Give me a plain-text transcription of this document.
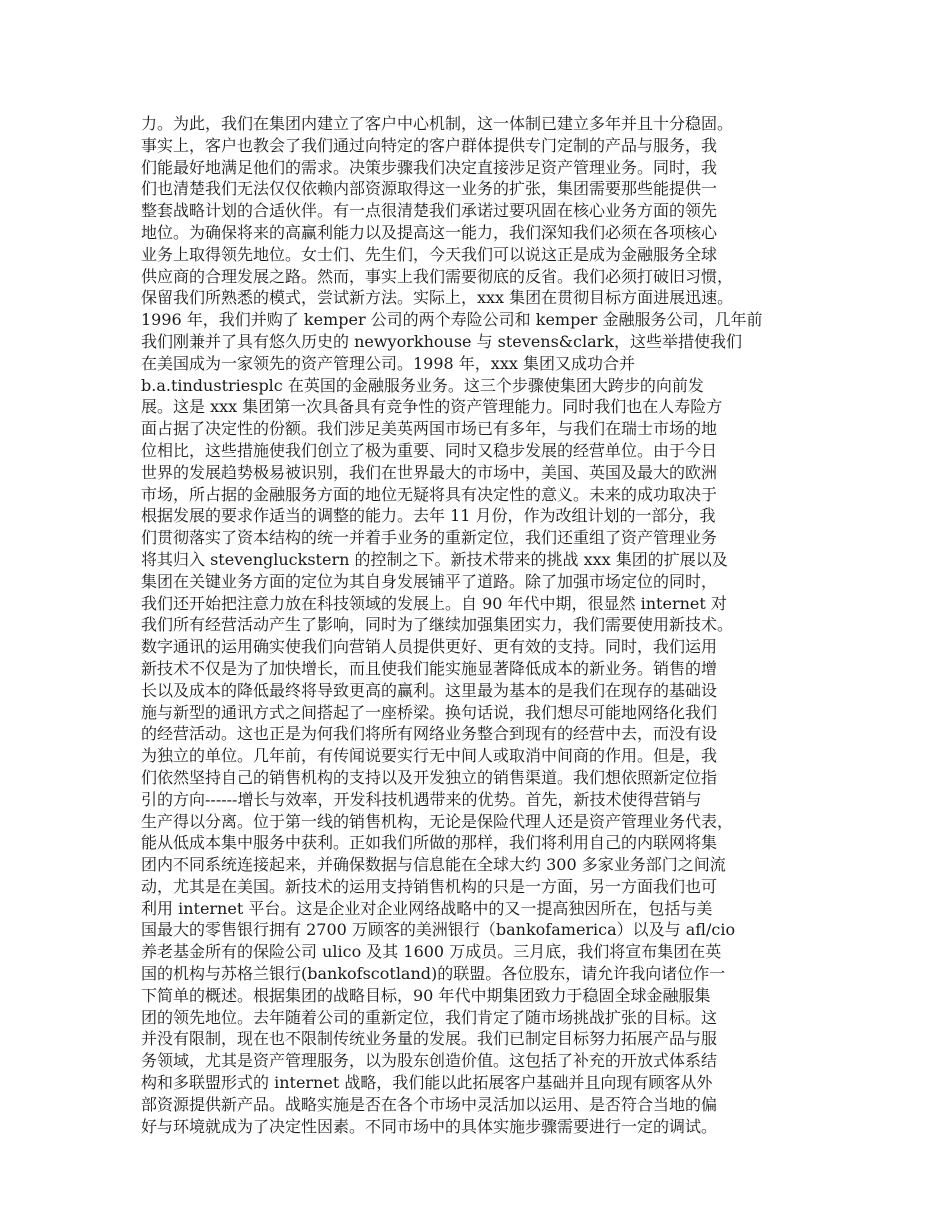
力。为此，我们在集团内建立了客户中心机制，这一体制已建立多年并且十分稳固。
事实上，客户也教会了我们通过向特定的客户群体提供专门定制的产品与服务，我
们能最好地满足他们的需求。决策步骤我们决定直接涉足资产管理业务。同时，我
们也清楚我们无法仅仅依赖内部资源取得这一业务的扩张，集团需要那些能提供一
整套战略计划的合适伙伴。有一点很清楚我们承诺过要巩固在核心业务方面的领先
地位。为确保将来的高赢利能力以及提高这一能力，我们深知我们必须在各项核心
业务上取得领先地位。女士们、先生们，今天我们可以说这正是成为金融服务全球
供应商的合理发展之路。然而，事实上我们需要彻底的反省。我们必须打破旧习惯，
保留我们所熟悉的模式，尝试新方法。实际上，xxx 集团在贯彻目标方面进展迅速。
1996 年，我们并购了 kemper 公司的两个寿险公司和 kemper 金融服务公司，几年前
我们刚兼并了具有悠久历史的 newyorkhouse 与 stevens&clark，这些举措使我们
在美国成为一家领先的资产管理公司。1998 年，xxx 集团又成功合并
b.a.tindustriesplc 在英国的金融服务业务。这三个步骤使集团大跨步的向前发
展。这是 xxx 集团第一次具备具有竞争性的资产管理能力。同时我们也在人寿险方
面占据了决定性的份额。我们涉足美英两国市场已有多年，与我们在瑞士市场的地
位相比，这些措施使我们创立了极为重要、同时又稳步发展的经营单位。由于今日
世界的发展趋势极易被识别，我们在世界最大的市场中，美国、英国及最大的欧洲
市场，所占据的金融服务方面的地位无疑将具有决定性的意义。未来的成功取决于
根据发展的要求作适当的调整的能力。去年 11 月份，作为改组计划的一部分，我
们贯彻落实了资本结构的统一并着手业务的重新定位，我们还重组了资产管理业务
将其归入 stevengluckstern 的控制之下。新技术带来的挑战 xxx 集团的扩展以及
集团在关键业务方面的定位为其自身发展铺平了道路。除了加强市场定位的同时，
我们还开始把注意力放在科技领域的发展上。自 90 年代中期，很显然 internet 对
我们所有经营活动产生了影响，同时为了继续加强集团实力，我们需要使用新技术。
数字通讯的运用确实使我们向营销人员提供更好、更有效的支持。同时，我们运用
新技术不仅是为了加快增长，而且使我们能实施显著降低成本的新业务。销售的增
长以及成本的降低最终将导致更高的赢利。这里最为基本的是我们在现存的基础设
施与新型的通讯方式之间搭起了一座桥梁。换句话说，我们想尽可能地网络化我们
的经营活动。这也正是为何我们将所有网络业务整合到现有的经营中去，而没有设
为独立的单位。几年前，有传闻说要实行无中间人或取消中间商的作用。但是，我
们依然坚持自己的销售机构的支持以及开发独立的销售渠道。我们想依照新定位指
引的方向------增长与效率，开发科技机遇带来的优势。首先，新技术使得营销与
生产得以分离。位于第一线的销售机构，无论是保险代理人还是资产管理业务代表，
能从低成本集中服务中获利。正如我们所做的那样，我们将利用自己的内联网将集
团内不同系统连接起来，并确保数据与信息能在全球大约 300 多家业务部门之间流
动，尤其是在美国。新技术的运用支持销售机构的只是一方面，另一方面我们也可
利用 internet 平台。这是企业对企业网络战略中的又一提高独因所在，包括与美
国最大的零售银行拥有 2700 万顾客的美洲银行（bankofamerica）以及与 afl/cio
养老基金所有的保险公司 ulico 及其 1600 万成员。三月底，我们将宣布集团在英
国的机构与苏格兰银行(bankofscotland)的联盟。各位股东，请允许我向诸位作一
下简单的概述。根据集团的战略目标，90 年代中期集团致力于稳固全球金融服集
团的领先地位。去年随着公司的重新定位，我们肯定了随市场挑战扩张的目标。这
并没有限制，现在也不限制传统业务量的发展。我们已制定目标努力拓展产品与服
务领域，尤其是资产管理服务，以为股东创造价值。这包括了补充的开放式体系结
构和多联盟形式的 internet 战略，我们能以此拓展客户基础并且向现有顾客从外
部资源提供新产品。战略实施是否在各个市场中灵活加以运用、是否符合当地的偏
好与环境就成为了决定性因素。不同市场中的具体实施步骤需要进行一定的调试。
